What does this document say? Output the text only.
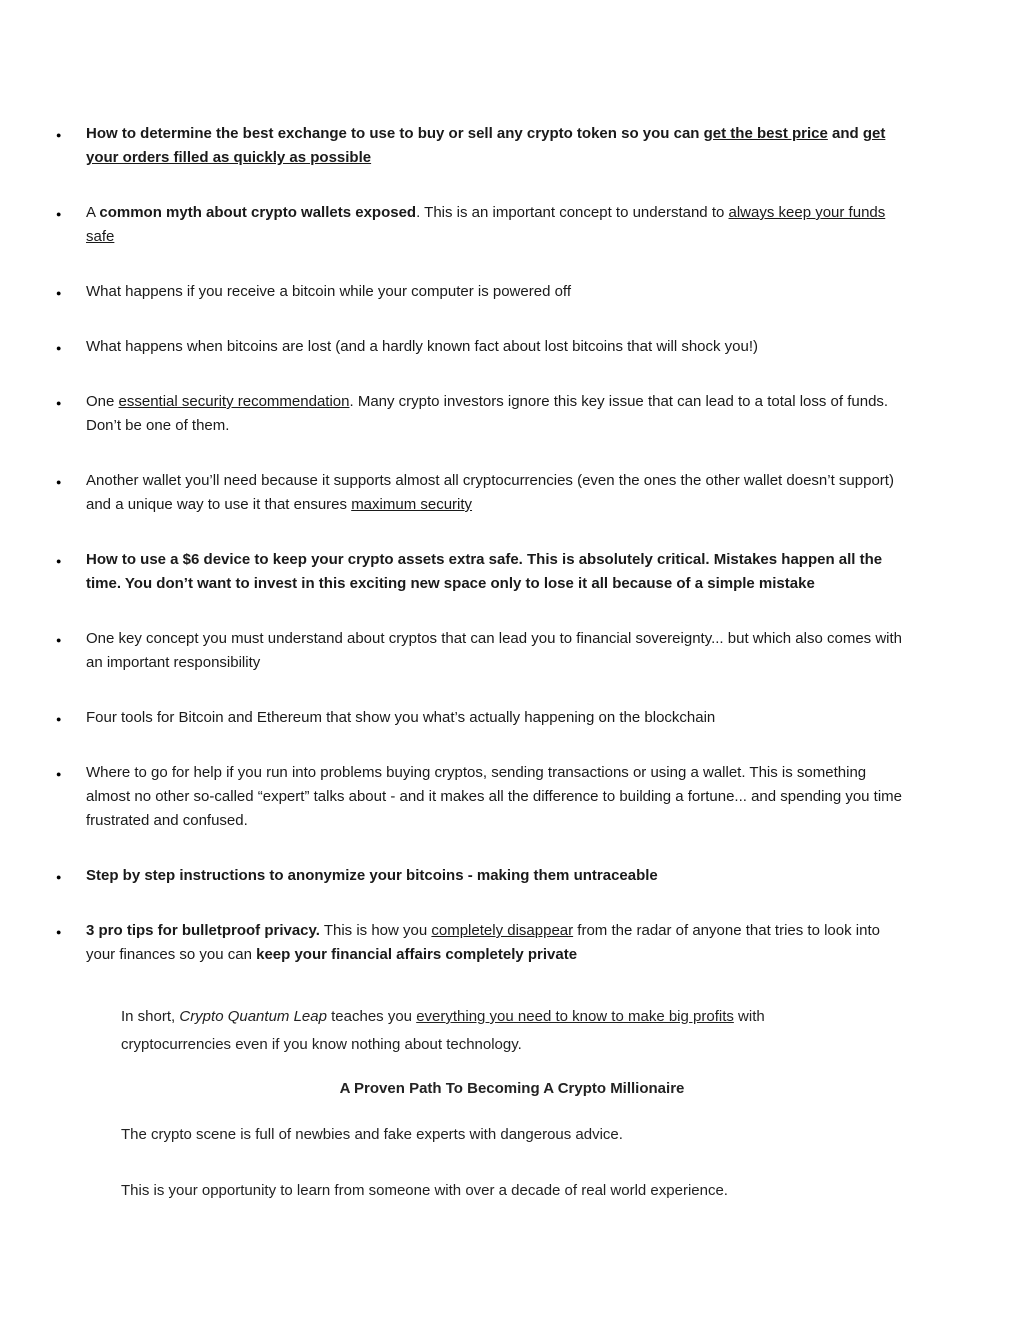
● How to determine the best exchange to use to buy or sell any crypto token so you can get the best price and get your orders filled as quickly as possible
● A common myth about crypto wallets exposed. This is an important concept to understand to always keep your funds safe
● What happens if you receive a bitcoin while your computer is powered off
● What happens when bitcoins are lost (and a hardly known fact about lost bitcoins that will shock you!)
● One essential security recommendation. Many crypto investors ignore this key issue that can lead to a total loss of funds. Don’t be one of them.
● Another wallet you’ll need because it supports almost all cryptocurrencies (even the ones the other wallet doesn’t support) and a unique way to use it that ensures maximum security
● How to use a $6 device to keep your crypto assets extra safe. This is absolutely critical. Mistakes happen all the time. You don’t want to invest in this exciting new space only to lose it all because of a simple mistake
● One key concept you must understand about cryptos that can lead you to financial sovereignty... but which also comes with an important responsibility
● Four tools for Bitcoin and Ethereum that show you what’s actually happening on the blockchain
● Where to go for help if you run into problems buying cryptos, sending transactions or using a wallet. This is something almost no other so-called “expert” talks about - and it makes all the difference to building a fortune... and spending you time frustrated and confused.
● Step by step instructions to anonymize your bitcoins - making them untraceable
● 3 pro tips for bulletproof privacy. This is how you completely disappear from the radar of anyone that tries to look into your finances so you can keep your financial affairs completely private

In short, Crypto Quantum Leap teaches you everything you need to know to make big profits with cryptocurrencies even if you know nothing about technology.

A Proven Path To Becoming A Crypto Millionaire

The crypto scene is full of newbies and fake experts with dangerous advice.

This is your opportunity to learn from someone with over a decade of real world experience.
